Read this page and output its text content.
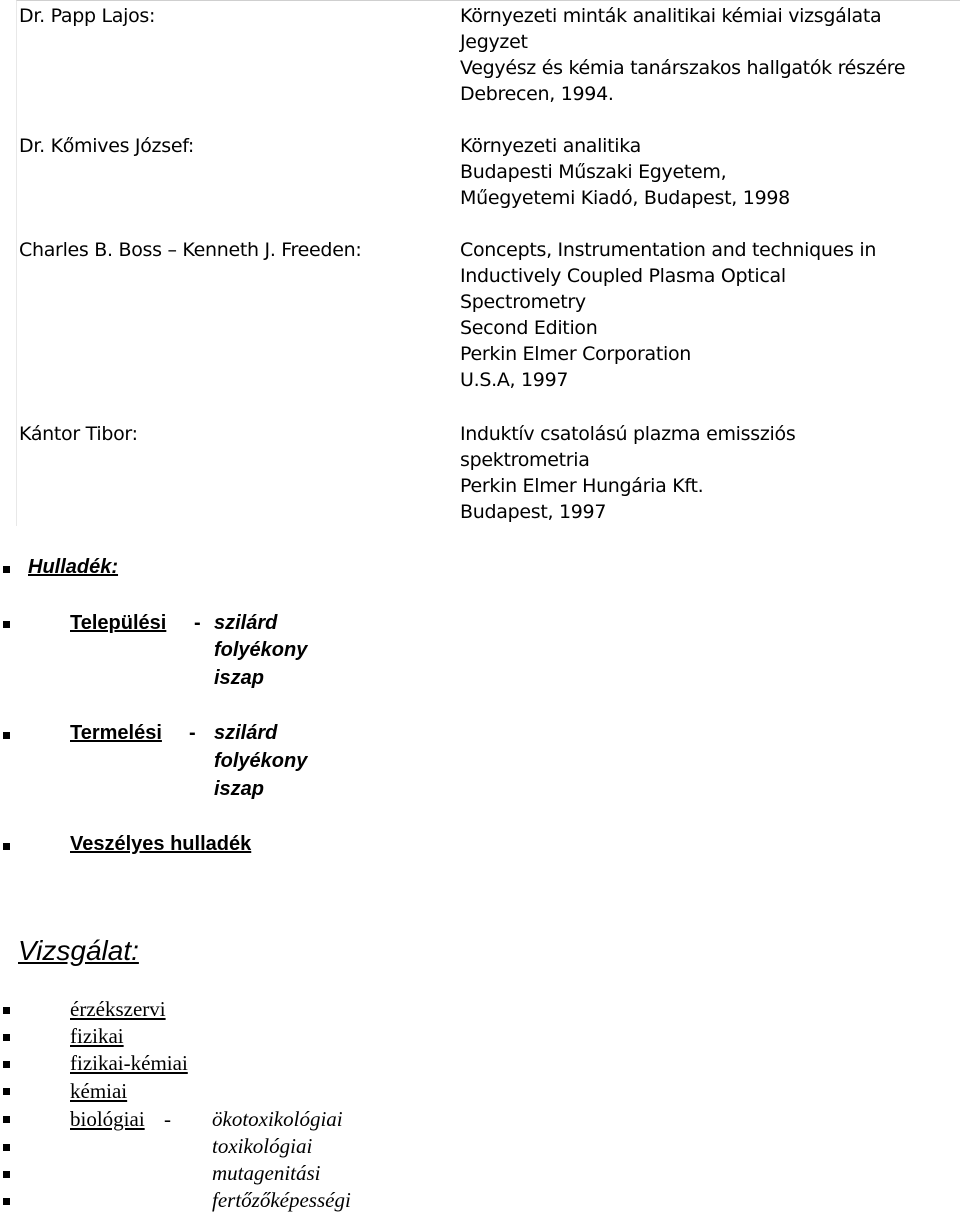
Dr. Papp Lajos:	Környezeti minták analitikai kémiai vizsgálata
Jegyzet
Vegyész és kémia tanárszakos hallgatók részére
Debrecen, 1994.
Dr. Kőmives József:	Környezeti analitika
Budapesti Műszaki Egyetem,
Műegyetemi Kiadó, Budapest, 1998
Charles B. Boss – Kenneth J. Freeden:	Concepts, Instrumentation and techniques in
Inductively Coupled Plasma Optical
Spectrometry
Second Edition
Perkin Elmer Corporation
U.S.A, 1997
Kántor Tibor:	Induktív csatolású plazma emissziós
spektrometria
Perkin Elmer Hungária Kft.
Budapest, 1997
Hulladék:
Települési - szilárd
folyékony
iszap
Termelési - szilárd
folyékony
iszap
Veszélyes hulladék
Vizsgálat:
érzékszervi
fizikai
fizikai-kémiai
kémiai
biológiai - ökotoxikológiai
toxikológiai
mutagenitási
fertőzőképességi
